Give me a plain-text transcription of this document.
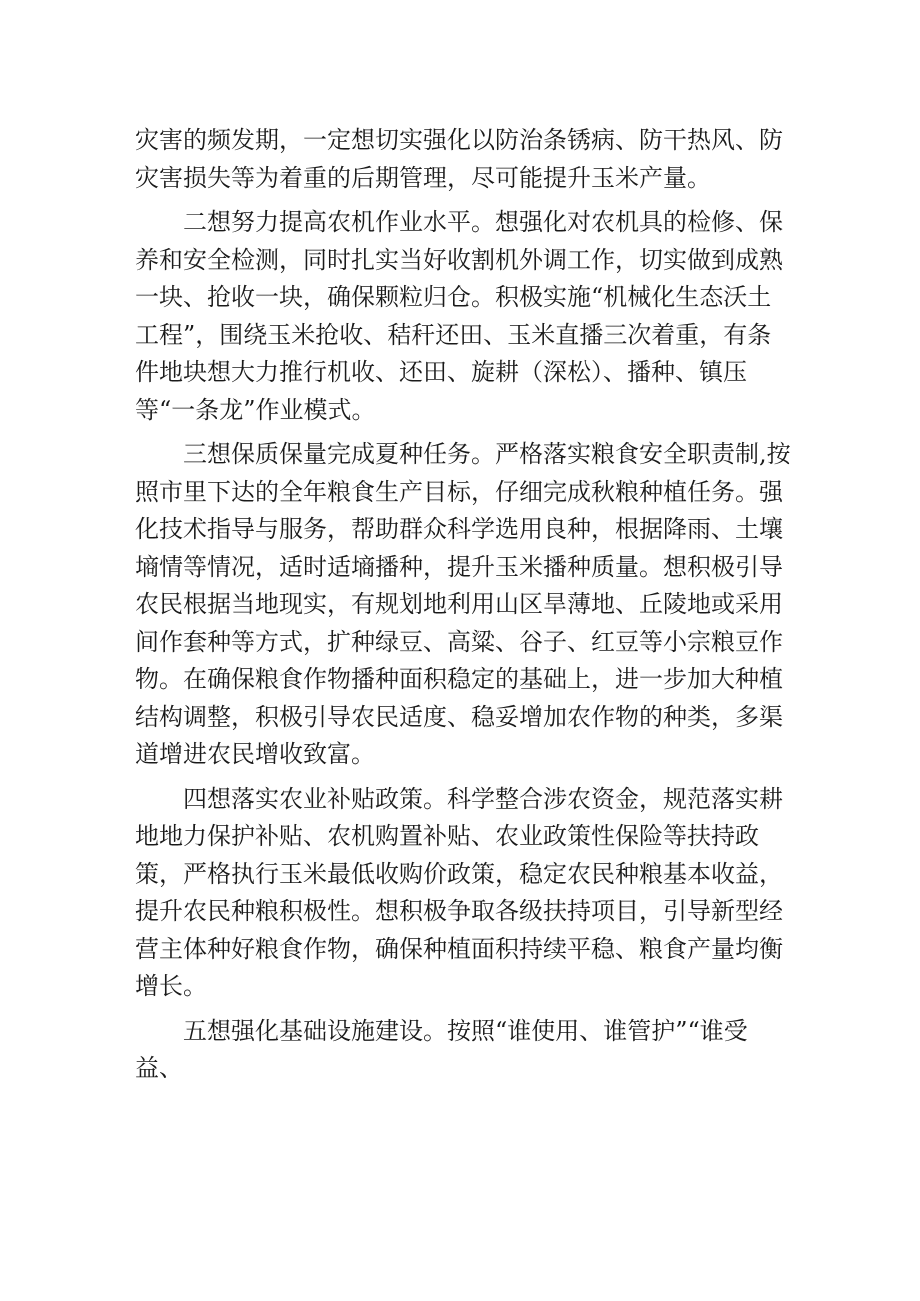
灾害的频发期，一定想切实强化以防治条锈病、防干热风、防灾害损失等为着重的后期管理，尽可能提升玉米产量。

二想努力提高农机作业水平。想强化对农机具的检修、保养和安全检测，同时扎实当好收割机外调工作，切实做到成熟一块、抢收一块，确保颗粒归仓。积极实施“机械化生态沃土工程”，围绕玉米抢收、秸秆还田、玉米直播三次着重，有条件地块想大力推行机收、还田、旋耕（深松）、播种、镇压等“一条龙”作业模式。

三想保质保量完成夏种任务。严格落实粮食安全职责制,按照市里下达的全年粮食生产目标，仔细完成秋粮种植任务。强化技术指导与服务，帮助群众科学选用良种，根据降雨、土壤墒情等情况，适时适墒播种，提升玉米播种质量。想积极引导农民根据当地现实，有规划地利用山区旱薄地、丘陵地或采用间作套种等方式，扩种绿豆、高粱、谷子、红豆等小宗粮豆作物。在确保粮食作物播种面积稳定的基础上，进一步加大种植结构调整，积极引导农民适度、稳妥增加农作物的种类，多渠道增进农民增收致富。

四想落实农业补贴政策。科学整合涉农资金，规范落实耕地地力保护补贴、农机购置补贴、农业政策性保险等扶持政策，严格执行玉米最低收购价政策，稳定农民种粮基本收益，提升农民种粮积极性。想积极争取各级扶持项目，引导新型经营主体种好粮食作物，确保种植面积持续平稳、粮食产量均衡增长。

五想强化基础设施建设。按照“谁使用、谁管护”“谁受益、
